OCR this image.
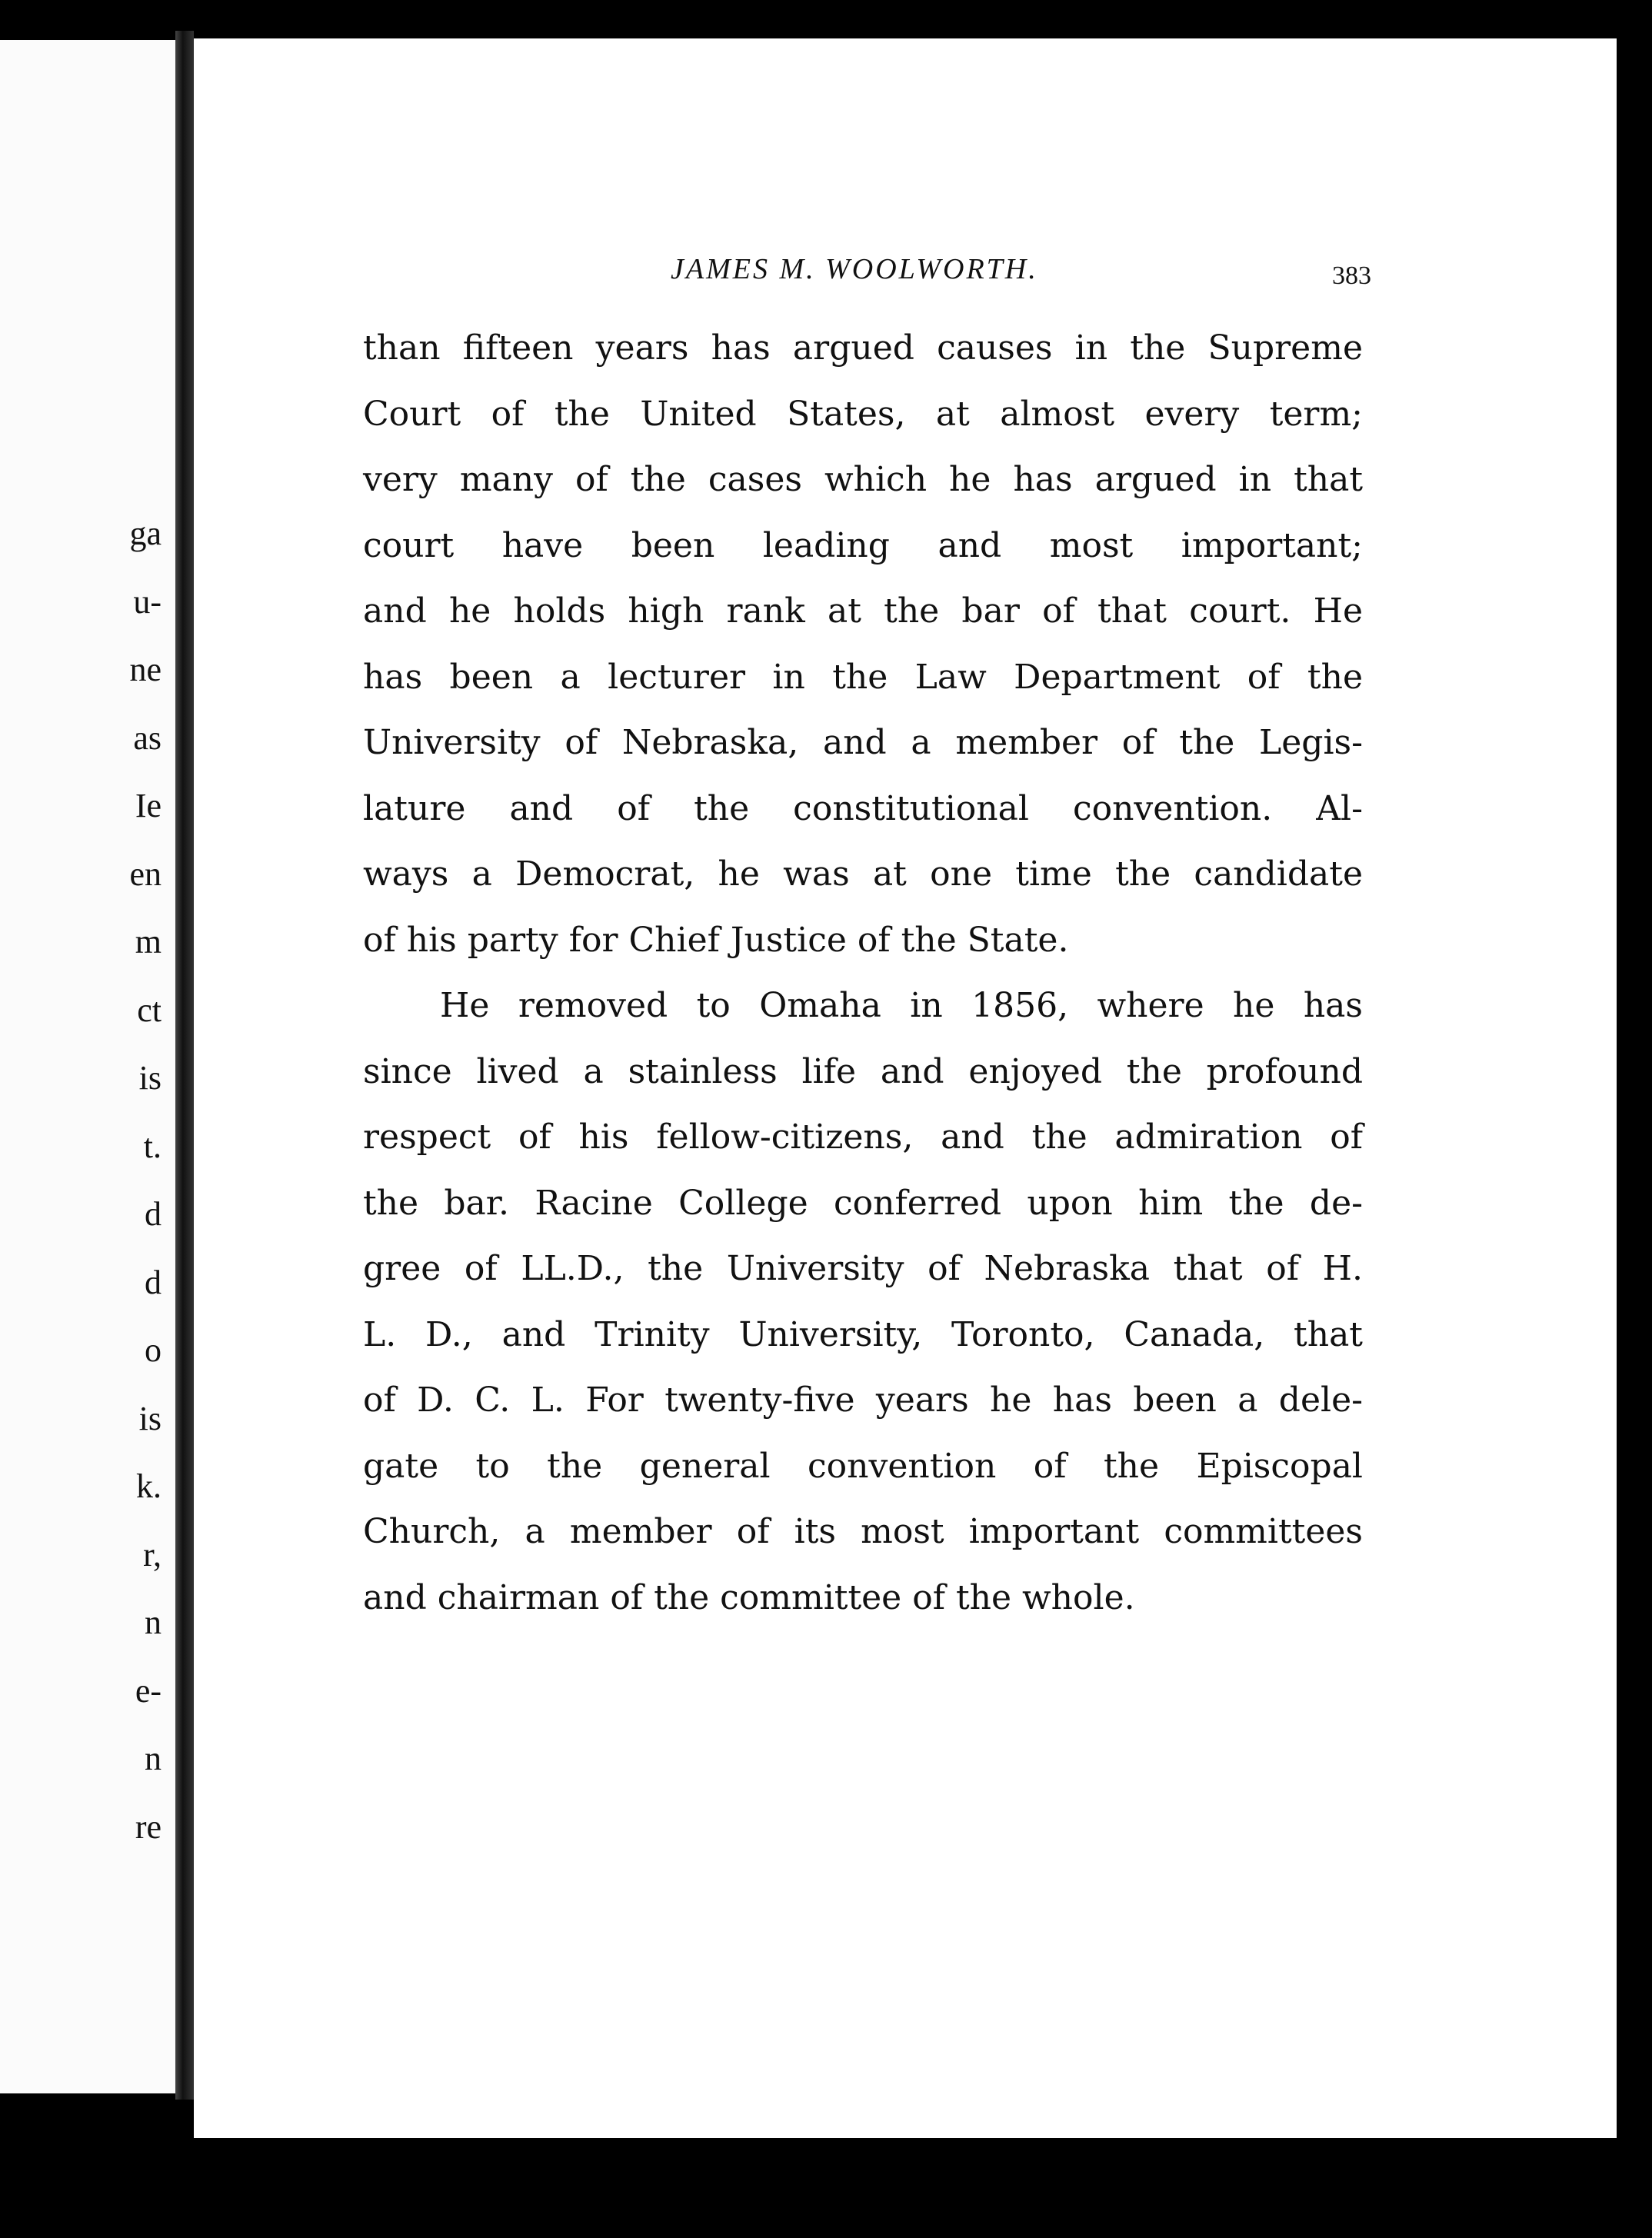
ga
u-
ne
as
Ie
en
m
ct
is
t.
d
d
o
is
k.
r,
n
e-
n
re
JAMES M. WOOLWORTH.	383
than fifteen years has argued causes in the Supreme
Court of the United States, at almost every term;
very many of the cases which he has argued in that
court have been leading and most important;
and he holds high rank at the bar of that court. He
has been a lecturer in the Law Department of the
University of Nebraska, and a member of the Legis-
lature and of the constitutional convention. Al-
ways a Democrat, he was at one time the candidate
of his party for Chief Justice of the State.
He removed to Omaha in 1856, where he has
since lived a stainless life and enjoyed the profound
respect of his fellow-citizens, and the admiration of
the bar. Racine College conferred upon him the de-
gree of LL.D., the University of Nebraska that of H.
L. D., and Trinity University, Toronto, Canada, that
of D. C. L. For twenty-five years he has been a dele-
gate to the general convention of the Episcopal
Church, a member of its most important committees
and chairman of the committee of the whole.
